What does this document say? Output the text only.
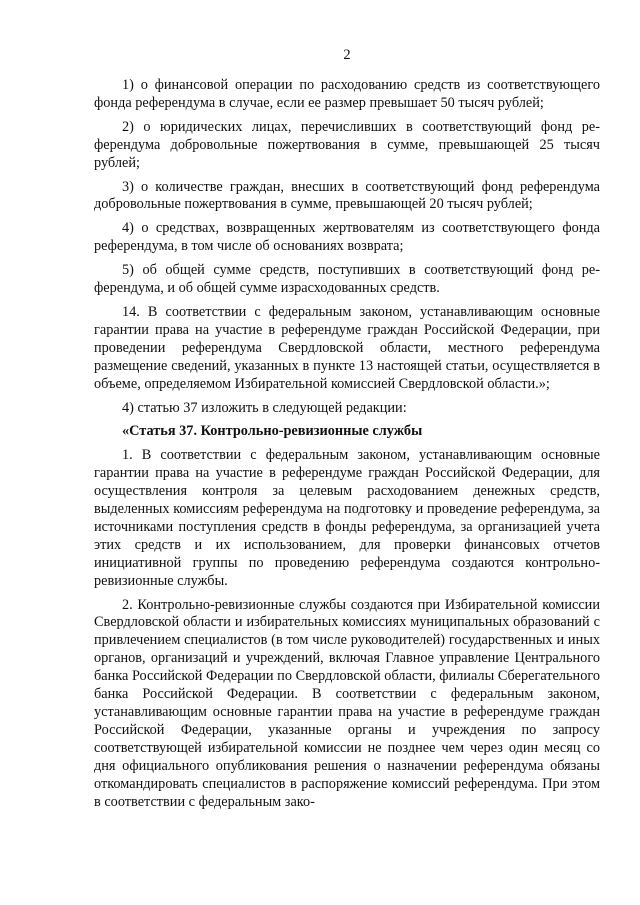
2

1) о финансовой операции по расходованию средств из соответствующего фонда референдума в случае, если ее размер превышает 50 тысяч рублей;

2) о юридических лицах, перечисливших в соответствующий фонд референдума добровольные пожертвования в сумме, превышающей 25 тысяч рублей;

3) о количестве граждан, внесших в соответствующий фонд референдума добровольные пожертвования в сумме, превышающей 20 тысяч рублей;

4) о средствах, возвращенных жертвователям из соответствующего фонда референдума, в том числе об основаниях возврата;

5) об общей сумме средств, поступивших в соответствующий фонд референдума, и об общей сумме израсходованных средств.

14. В соответствии с федеральным законом, устанавливающим основные гарантии права на участие в референдуме граждан Российской Федерации, при проведении референдума Свердловской области, местного референдума размещение сведений, указанных в пункте 13 настоящей статьи, осуществляется в объеме, определяемом Избирательной комиссией Свердловской области.»;

4) статью 37 изложить в следующей редакции:

«Статья 37. Контрольно-ревизионные службы

1. В соответствии с федеральным законом, устанавливающим основные гарантии права на участие в референдуме граждан Российской Федерации, для осуществления контроля за целевым расходованием денежных средств, выделенных комиссиям референдума на подготовку и проведение референдума, за источниками поступления средств в фонды референдума, за организацией учета этих средств и их использованием, для проверки финансовых отчетов инициативной группы по проведению референдума создаются контрольно-ревизионные службы.

2. Контрольно-ревизионные службы создаются при Избирательной комиссии Свердловской области и избирательных комиссиях муниципальных образований с привлечением специалистов (в том числе руководителей) государственных и иных органов, организаций и учреждений, включая Главное управление Центрального банка Российской Федерации по Свердловской области, филиалы Сберегательного банка Российской Федерации. В соответствии с федеральным законом, устанавливающим основные гарантии права на участие в референдуме граждан Российской Федерации, указанные органы и учреждения по запросу соответствующей избирательной комиссии не позднее чем через один месяц со дня официального опубликования решения о назначении референдума обязаны откомандировать специалистов в распоряжение комиссий референдума. При этом в соответствии с федеральным зако-
